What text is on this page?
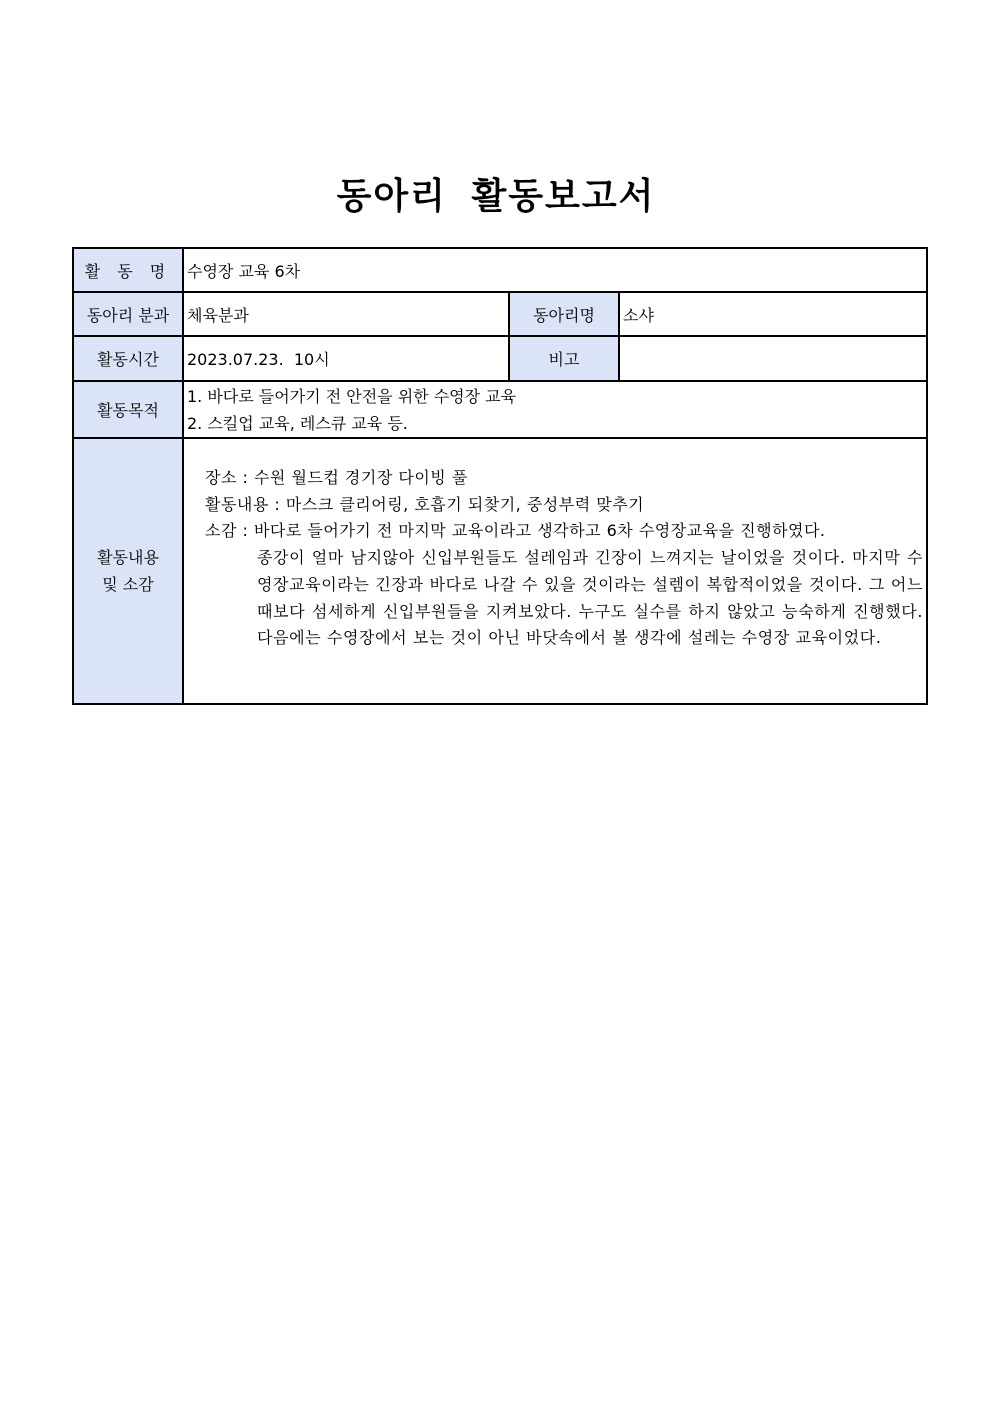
동아리 활동보고서
활 동 명	수영장 교육 6차		
동아리 분과	체육분과	동아리명	소샤
활동시간	2023.07.23.  10시	비고	
활동목적	1. 바다로 들어가기 전 안전을 위한 수영장 교육
2. 스킬업 교육, 레스큐 교육 등.		

활동내용
및 소감	장소 : 수원 월드컵 경기장 다이빙 풀
활동내용 : 마스크 클리어링, 호흡기 되찾기, 중성부력 맞추기
소감 : 바다로 들어가기 전 마지막 교육이라고 생각하고 6차 수영장교육을 진행하였다.
종강이 얼마 남지않아 신입부원들도 설레임과 긴장이 느껴지는 날이었을 것이다. 마지막 수영장교육이라는 긴장과 바다로 나갈 수 있을 것이라는 설렘이 복합적이었을 것이다. 그 어느때보다 섬세하게 신입부원들을 지켜보았다. 누구도 실수를 하지 않았고 능숙하게 진행했다. 다음에는 수영장에서 보는 것이 아닌 바닷속에서 볼 생각에 설레는 수영장 교육이었다.		
